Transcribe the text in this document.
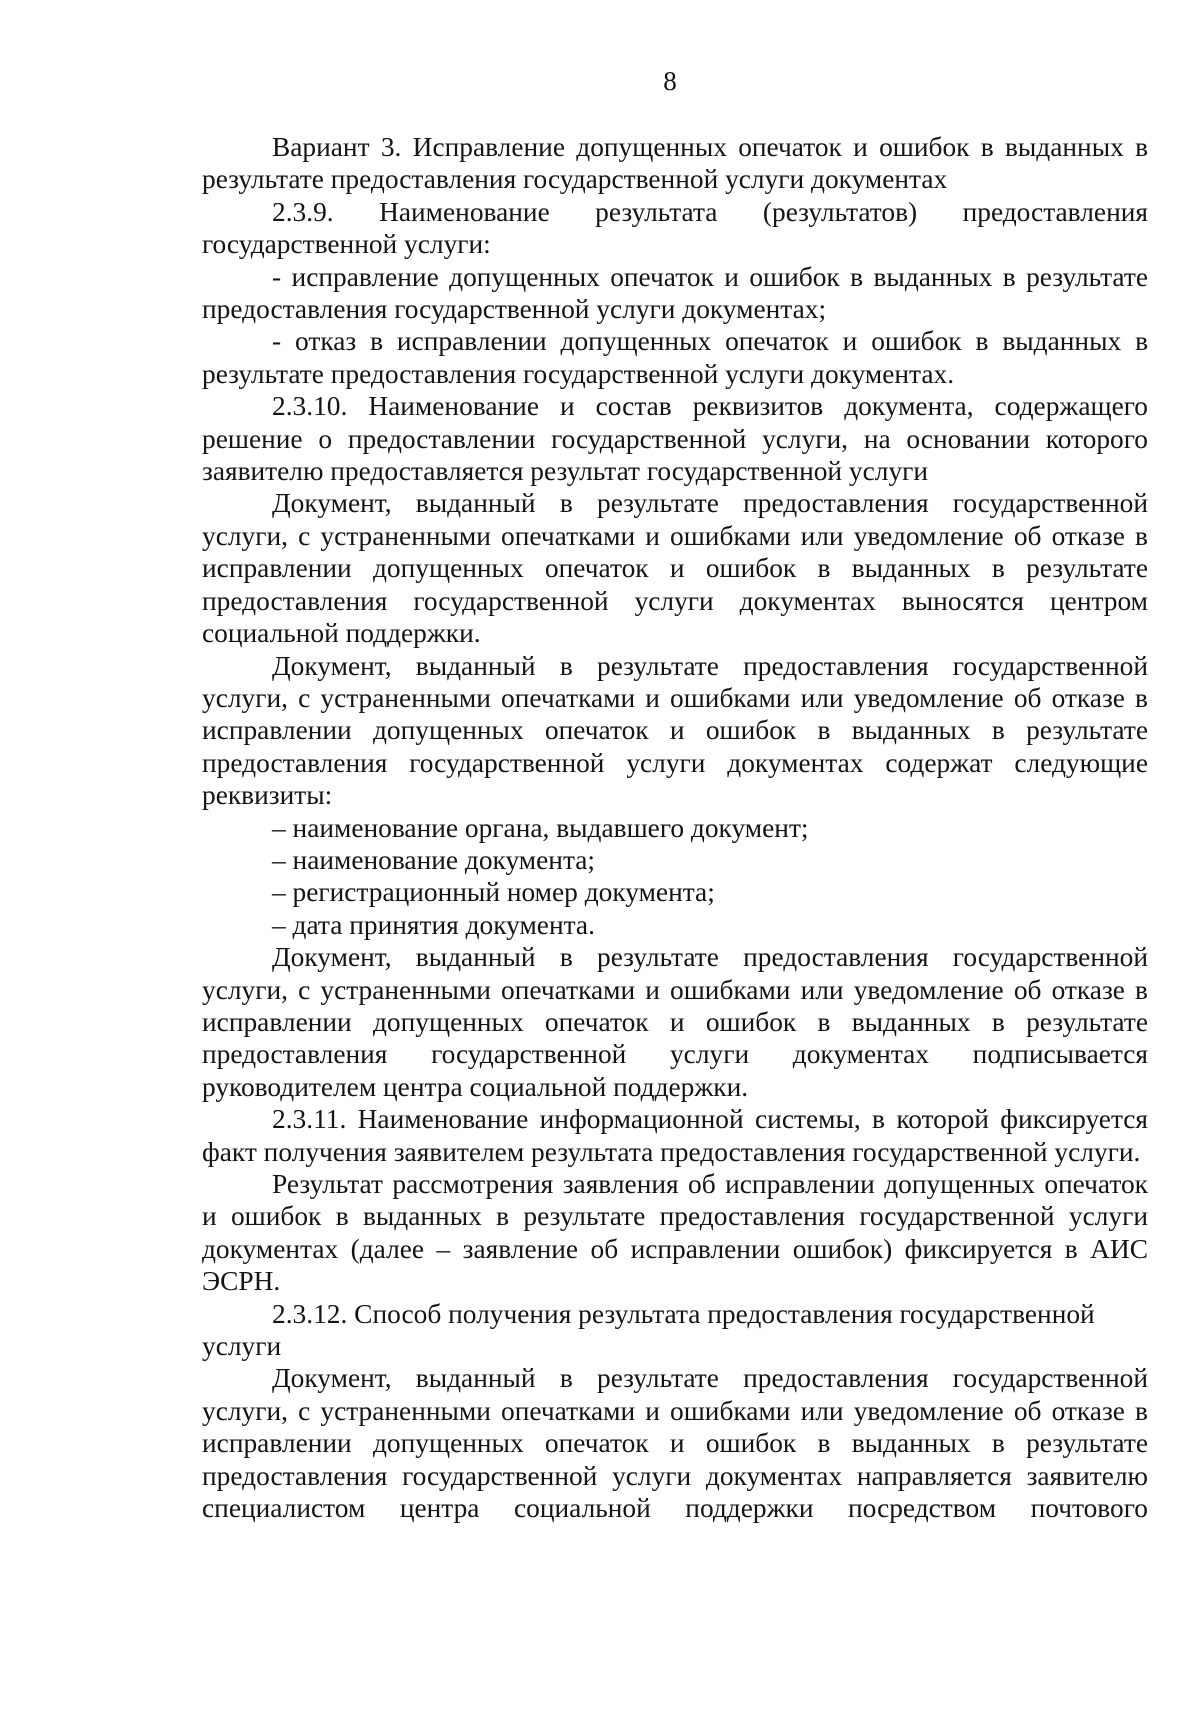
8

Вариант 3. Исправление допущенных опечаток и ошибок в выданных в результате предоставления государственной услуги документах

2.3.9. Наименование результата (результатов) предоставления государственной услуги:

- исправление допущенных опечаток и ошибок в выданных в результате предоставления государственной услуги документах;

- отказ в исправлении допущенных опечаток и ошибок в выданных в результате предоставления государственной услуги документах.

2.3.10. Наименование и состав реквизитов документа, содержащего решение о предоставлении государственной услуги, на основании которого заявителю предоставляется результат государственной услуги

Документ, выданный в результате предоставления государственной услуги, с устраненными опечатками и ошибками или уведомление об отказе в исправлении допущенных опечаток и ошибок в выданных в результате предоставления государственной услуги документах выносятся центром социальной поддержки.

Документ, выданный в результате предоставления государственной услуги, с устраненными опечатками и ошибками или уведомление об отказе в исправлении допущенных опечаток и ошибок в выданных в результате предоставления государственной услуги документах содержат следующие реквизиты:

– наименование органа, выдавшего документ;

– наименование документа;

– регистрационный номер документа;

– дата принятия документа.

Документ, выданный в результате предоставления государственной услуги, с устраненными опечатками и ошибками или уведомление об отказе в исправлении допущенных опечаток и ошибок в выданных в результате предоставления государственной услуги документах подписывается руководителем центра социальной поддержки.

2.3.11. Наименование информационной системы, в которой фиксируется факт получения заявителем результата предоставления государственной услуги.

Результат рассмотрения заявления об исправлении допущенных опечаток и ошибок в выданных в результате предоставления государственной услуги документах (далее – заявление об исправлении ошибок) фиксируется в АИС ЭСРН.

2.3.12. Способ получения результата предоставления государственной услуги

Документ, выданный в результате предоставления государственной услуги, с устраненными опечатками и ошибками или уведомление об отказе в исправлении допущенных опечаток и ошибок в выданных в результате предоставления государственной услуги документах направляется заявителю специалистом центра социальной поддержки посредством почтового
